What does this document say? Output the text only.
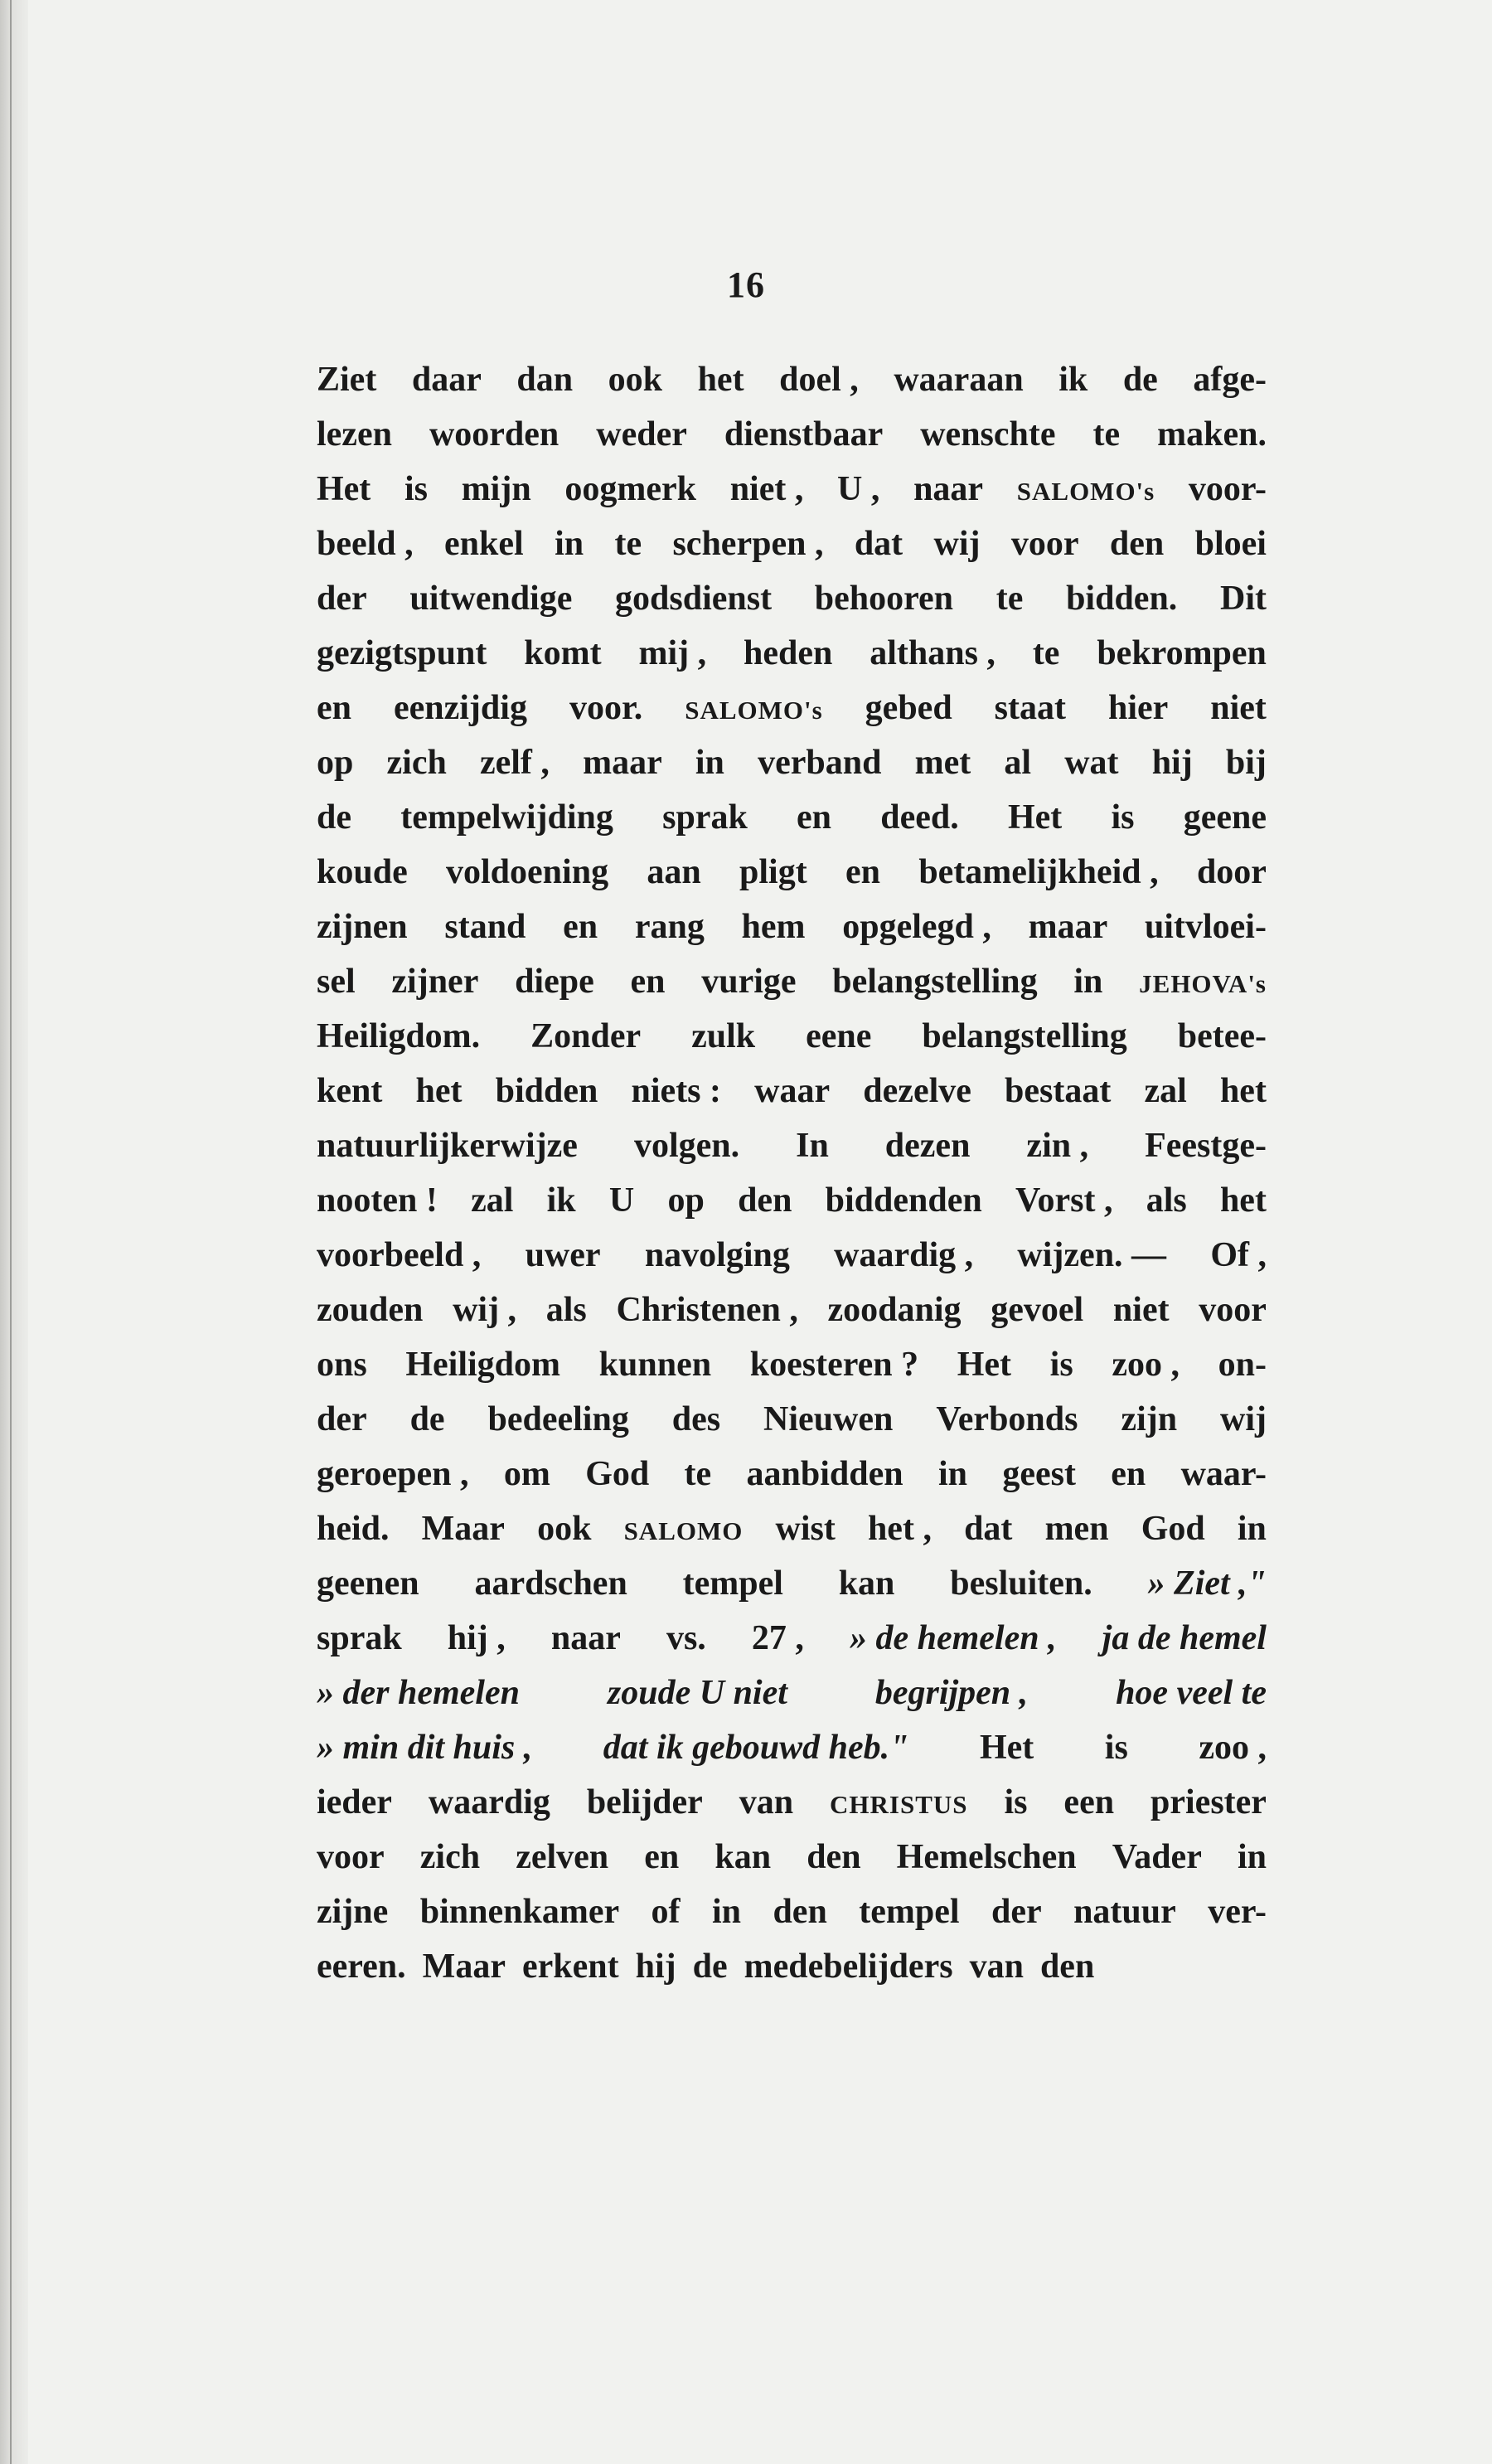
16
Ziet daar dan ook het doel , waaraan ik de afge-
lezen woorden weder dienstbaar wenschte te maken.
Het is mijn oogmerk niet , U , naar SALOMO's voor-
beeld , enkel in te scherpen , dat wij voor den bloei
der uitwendige godsdienst behooren te bidden. Dit
gezigtspunt komt mij , heden althans , te bekrompen
en eenzijdig voor. SALOMO's gebed staat hier niet
op zich zelf , maar in verband met al wat hij bij
de tempelwijding sprak en deed. Het is geene
koude voldoening aan pligt en betamelijkheid , door
zijnen stand en rang hem opgelegd , maar uitvloei-
sel zijner diepe en vurige belangstelling in JEHOVA's
Heiligdom. Zonder zulk eene belangstelling betee-
kent het bidden niets : waar dezelve bestaat zal het
natuurlijkerwijze volgen. In dezen zin , Feestge-
nooten ! zal ik U op den biddenden Vorst , als het
voorbeeld , uwer navolging waardig , wijzen. — Of ,
zouden wij , als Christenen , zoodanig gevoel niet voor
ons Heiligdom kunnen koesteren ? Het is zoo , on-
der de bedeeling des Nieuwen Verbonds zijn wij
geroepen , om God te aanbidden in geest en waar-
heid. Maar ook SALOMO wist het , dat men God in
geenen aardschen tempel kan besluiten. » Ziet ,"
sprak hij , naar vs. 27 , » de hemelen , ja de hemel
» der hemelen	zoude U niet	begrijpen ,	hoe veel te
» min dit huis , dat ik gebouwd heb." Het is zoo ,
ieder waardig belijder van CHRISTUS is een priester
voor zich zelven en kan den Hemelschen Vader in
zijne binnenkamer of in den tempel der natuur ver-
eeren. Maar erkent hij de medebelijders van den
